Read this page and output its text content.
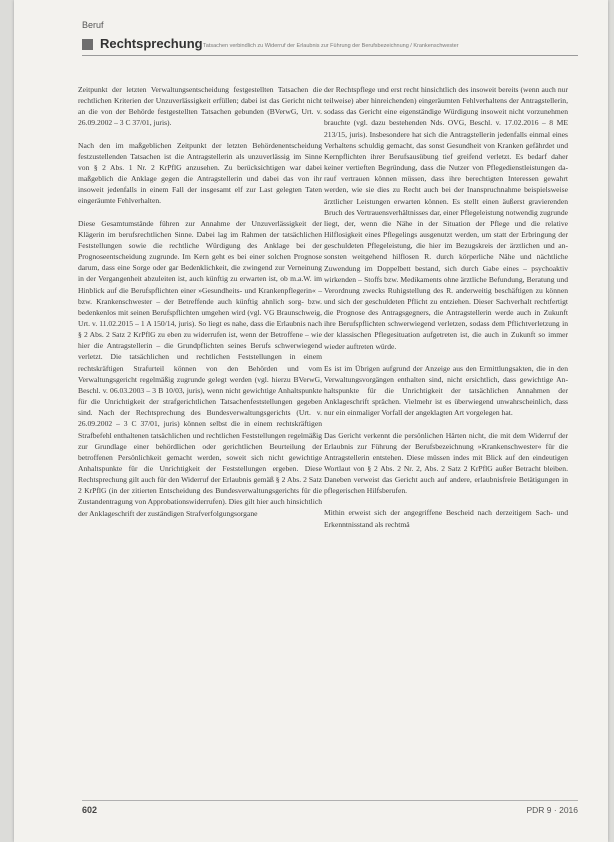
Beruf
Rechtsprechung Tatsachen verbindlich zu Widerruf der Erlaubnis zur Führung der Berufsbezeichnung / Krankenschwester

Zeitpunkt der letzten Verwaltungsentscheidung festgestellten Tatsachen die rechtlichen Kriterien der Unzuverlässigkeit erfüllen; dabei ist das Gericht nicht an die von der Behörde festgestellten Tatsachen gebunden (BVerwG, Urt. v. 26.09.2002 – 3 C 37/01, juris).

Nach den im maßgeblichen Zeitpunkt der letzten Behördenentscheidung festzustellenden Tatsachen ist die Antragstellerin als unzuverlässig im Sinne von § 2 Abs. 1 Nr. 2 KrPflG anzusehen. Zu berücksichtigen war dabei maßgeblich die Anklage gegen die Antragstellerin und dabei das von ihr insoweit jedenfalls in einem Fall der insgesamt elf zur Last gelegten Taten eingeräumte Fehlverhalten.

Diese Gesamtumstände führen zur Annahme der Unzuverlässigkeit der Klägerin im berufsrechtlichen Sinne. Dabei lag im Rahmen der tatsächlichen Feststellungen sowie die rechtliche Würdigung des Anklage bei der Prognoseentscheidung zugrunde. Im Kern geht es bei einer solchen Prognose darum, dass eine Sorge oder gar Bedenklichkeit, die zwingend zur Verneinung in der Vergangenheit abzuleiten ist, auch künftig zu erwarten ist, ob m.a.W. im Hinblick auf die Berufspflichten einer »Gesundheits- und Krankenpflegerin« – bzw. Krankenschwester – der Betreffende auch künftig ahnlich sorg- bzw. bedenkenlos mit seinen Berufspflichten umgehen wird (vgl. VG Braunschweig, Urt. v. 11.02.2015 – 1 A 150/14, juris). So liegt es nahe, dass die Erlaubnis nach § 2 Abs. 2 Satz 2 KrPflG zu eben zu widerrufen ist, wenn der Betroffene – wie hier die Antragstellerin – die Grundpflichten seines Berufs schwerwiegend verletzt. Die tatsächlichen und rechtlichen Feststellungen in einem rechtskräftigen Strafurteil können von den Behörden und vom Verwaltungsgericht regelmäßig zugrunde gelegt werden (vgl. hierzu BVerwG, Beschl. v. 06.03.2003 – 3 B 10/03, juris), wenn nicht gewichtige Anhaltspunkte für die Unrichtigkeit der strafgerichtlichen Tatsachenfeststellungen gegeben sind. Nach der Rechtsprechung des Bundesverwaltungsgerichts (Urt. v. 26.09.2002 – 3 C 37/01, juris) können selbst die in einem rechtskräftigen Strafbefehl enthaltenen tatsächlichen und rechtlichen Feststellungen regelmäßig zur Grundlage einer behördlichen oder gerichtlichen Beurteilung der betroffenen Persönlichkeit gemacht werden, soweit sich nicht gewichtige Anhaltspunkte für die Unrichtigkeit der Feststellungen ergeben. Diese Rechtsprechung gilt auch für den Widerruf der Erlaubnis gemäß § 2 Abs. 2 Satz 2 KrPflG (in der zitierten Entscheidung des Bundesverwaltungsgerichts für die Zustandentragung von Approbationswiderrufen). Dies gilt hier auch hinsichtlich der Anklageschrift der zuständigen Strafverfolgungsorgane

der Rechtspflege und erst recht hinsichtlich des insoweit bereits (wenn auch nur teilweise) aber hinreichenden) eingeräumten Fehlverhaltens der Antragstellerin, sodass das Gericht eine eigenständige Würdigung insoweit nicht vorzunehmen brauchte (vgl. dazu bestehenden Nds. OVG, Beschl. v. 17.02.2016 – 8 ME 213/15, juris). Insbesondere hat sich die Antragstellerin jedenfalls einmal eines Verhaltens schuldig gemacht, das sonst Gesundheit von Kranken gefährdet und Kernpflichten ihrer Berufsausübung tief greifend verletzt. Es bedarf daher keiner vertieften Begründung, dass die Nutzer von Pflegedienstleistungen darauf vertrauen können müssen, dass ihre berechtigten Interessen gewahrt werden, wie sie dies zu Recht auch bei der Inanspruchnahme beispielsweise ärztlicher Leistungen erwarten können. Es stellt einen äußerst gravierenden Bruch des Vertrauensverhältnisses dar, einer Pflegeleistung notwendig zugrunde liegt, der, wenn die Nähe in der Situation der Pflege und die relative Hilflosigkeit eines Pflegelings ausgenutzt werden, um statt der Erbringung der geschuldeten Pflegeleistung, die hier im Bezugskreis der ärztlichen und ansonsten weitgehend hilflosen R. durch körperliche Nähe und nächtliche Zuwendung im Doppelbett bestand, sich durch Gabe eines – psychoaktiv wirkenden – Stoffs bzw. Medikaments ohne ärztliche Befundung, Beratung und Verordnung zwecks Ruhigstellung des R. anderweitig beschäftigen zu können und sich der geschuldeten Pflicht zu entziehen. Dieser Sachverhalt rechtfertigt die Prognose des Antragsgegners, die Antragstellerin werde auch in Zukunft ihre Berufspflichten schwerwiegend verletzen, sodass dem Pflichtverletzung in der klassischen Pflegesituation aufgetreten ist, die auch in Zukunft so immer wieder auftreten würde.

Es ist im Übrigen aufgrund der Anzeige aus den Ermittlungsakten, die in den Verwaltungsvorgängen enthalten sind, nicht ersichtlich, dass gewichtige Anhaltspunkte für die Unrichtigkeit der tatsächlichen Annahmen der Anklageschrift sprächen. Vielmehr ist es überwiegend unwahrscheinlich, dass nur ein einmaliger Vorfall der angeklagten Art vorgelegen hat.

Das Gericht verkennt die persönlichen Härten nicht, die mit dem Widerruf der Erlaubnis zur Führung der Berufsbezeichnung »Krankenschwester« für die Antragstellerin entstehen. Diese müssen indes mit Blick auf den eindeutigen Wortlaut von § 2 Abs. 2 Nr. 2, Abs. 2 Satz 2 KrPflG außer Betracht bleiben. Daneben verweist das Gericht auch auf andere, erlaubnisfreie Betätigungen in pflegerischen Hilfsberufen.

Mithin erweist sich der angegriffene Bescheid nach derzeitigem Sach- und Erkenntnisstand als rechtmä

602	PDR 9 · 2016
